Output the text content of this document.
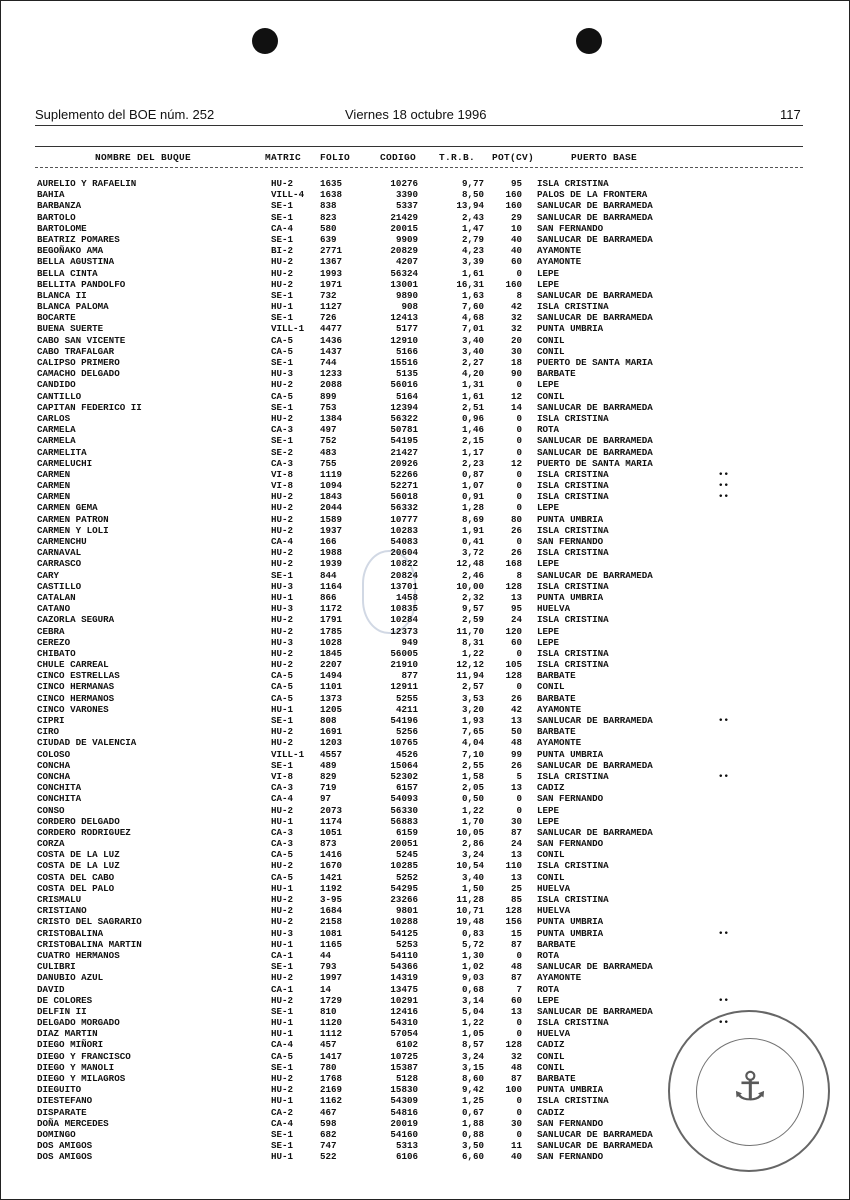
Suplemento del BOE núm. 252	Viernes 18 octubre 1996	117
NOMBRE DEL BUQUE	MATRIC FOLIO	CODIGO T.R.B. POT(CV)	PUERTO BASE
AURELIO Y RAFAELIN	HU-2	1635	10276	9,77	95 ISLA CRISTINA
BAHIA	VILL-4 1638	3390	8,50	160 PALOS DE LA FRONTERA
BARBANZA	SE-1	838	5337	13,94	160 SANLUCAR DE BARRAMEDA
BARTOLO	SE-1	823	21429	2,43	29 SANLUCAR DE BARRAMEDA
BARTOLOME	CA-4	580	20015	1,47	10 SAN FERNANDO
BEATRIZ POMARES	SE-1	639	9909	2,79	40 SANLUCAR DE BARRAMEDA
BEGOÑAKO AMA	BI-2	2771	20829	4,23	40 AYAMONTE
BELLA AGUSTINA	HU-2	1367	4207	3,39	60 AYAMONTE
BELLA CINTA	HU-2	1993	56324	1,61	0 LEPE
BELLITA PANDOLFO	HU-2	1971	13001	16,31	160 LEPE
BLANCA II	SE-1	732	9890	1,63	8 SANLUCAR DE BARRAMEDA
BLANCA PALOMA	HU-1	1127	908	7,60	42 ISLA CRISTINA
BOCARTE	SE-1	726	12413	4,68	32 SANLUCAR DE BARRAMEDA
BUENA SUERTE	VILL-1 4477	5177	7,01	32 PUNTA UMBRIA
CABO SAN VICENTE	CA-5	1436	12910	3,40	20 CONIL
CABO TRAFALGAR	CA-5	1437	5166	3,40	30 CONIL
CALIPSO PRIMERO	SE-1	744	15516	2,27	18 PUERTO DE SANTA MARIA
CAMACHO DELGADO	HU-3	1233	5135	4,20	90 BARBATE
CANDIDO	HU-2	2088	56016	1,31	0 LEPE
CANTILLO	CA-5	899	5164	1,61	12 CONIL
CAPITAN FEDERICO II	SE-1	753	12394	2,51	14 SANLUCAR DE BARRAMEDA
CARLOS	HU-2	1384	56322	0,96	0 ISLA CRISTINA
CARMELA	CA-3	497	50781	1,46	0 ROTA
CARMELA	SE-1	752	54195	2,15	0 SANLUCAR DE BARRAMEDA
CARMELITA	SE-2	483	21427	1,17	0 SANLUCAR DE BARRAMEDA
CARMELUCHI	CA-3	755	20926	2,23	12 PUERTO DE SANTA MARIA
CARMEN	VI-8	1119	52266	0,87	0 ISLA CRISTINA	••
CARMEN	VI-8	1094	52271	1,07	0 ISLA CRISTINA	••
CARMEN	HU-2	1843	56018	0,91	0 ISLA CRISTINA	••
CARMEN GEMA	HU-2	2044	56332	1,28	0 LEPE
CARMEN PATRON	HU-2	1589	10777	8,69	80 PUNTA UMBRIA
CARMEN Y LOLI	HU-2	1937	10283	1,91	26 ISLA CRISTINA
CARMENCHU	CA-4	166	54083	0,41	0 SAN FERNANDO
CARNAVAL	HU-2	1988	20604	3,72	26 ISLA CRISTINA
CARRASCO	HU-2	1939	10822	12,48	168 LEPE
CARY	SE-1	844	20824	2,46	8 SANLUCAR DE BARRAMEDA
CASTILLO	HU-3	1164	13701	10,00	128 ISLA CRISTINA
CATALAN	HU-1	866	1458	2,32	13 PUNTA UMBRIA
CATANO	HU-3	1172	10835	9,57	95 HUELVA
CAZORLA SEGURA	HU-2	1791	10284	2,59	24 ISLA CRISTINA
CEBRA	HU-2	1785	12373	11,70	120 LEPE
CEREZO	HU-3	1028	949	8,31	60 LEPE
CHIBATO	HU-2	1845	56005	1,22	0 ISLA CRISTINA
CHULE CARREAL	HU-2	2207	21910	12,12	105 ISLA CRISTINA
CINCO ESTRELLAS	CA-5	1494	877	11,94	128 BARBATE
CINCO HERMANAS	CA-5	1101	12911	2,57	0 CONIL
CINCO HERMANOS	CA-5	1373	5255	3,53	26 BARBATE
CINCO VARONES	HU-1	1205	4211	3,20	42 AYAMONTE
CIPRI	SE-1	808	54196	1,93	13 SANLUCAR DE BARRAMEDA	••
CIRO	HU-2	1691	5256	7,65	50 BARBATE
CIUDAD DE VALENCIA	HU-2	1203	10765	4,04	48 AYAMONTE
COLOSO	VILL-1 4557	4526	7,10	99 PUNTA UMBRIA
CONCHA	SE-1	489	15064	2,55	26 SANLUCAR DE BARRAMEDA
CONCHA	VI-8	829	52302	1,58	5 ISLA CRISTINA	••
CONCHITA	CA-3	719	6157	2,05	13 CADIZ
CONCHITA	CA-4	97	54093	0,50	0 SAN FERNANDO
CONSO	HU-2	2073	56330	1,22	0 LEPE
CORDERO DELGADO	HU-1	1174	56883	1,70	30 LEPE
CORDERO RODRIGUEZ	CA-3	1051	6159	10,05	87 SANLUCAR DE BARRAMEDA
CORZA	CA-3	873	20051	2,86	24 SAN FERNANDO
COSTA DE LA LUZ	CA-5	1416	5245	3,24	13 CONIL
COSTA DE LA LUZ	HU-2	1670	10285	10,54	110 ISLA CRISTINA
COSTA DEL CABO	CA-5	1421	5252	3,40	13 CONIL
COSTA DEL PALO	HU-1	1192	54295	1,50	25 HUELVA
CRISMALU	HU-2	3-95	23266	11,28	85 ISLA CRISTINA
CRISTIANO	HU-2	1684	9801	10,71	128 HUELVA
CRISTO DEL SAGRARIO	HU-2	2158	10288	19,48	156 PUNTA UMBRIA
CRISTOBALINA	HU-3	1081	54125	0,83	15 PUNTA UMBRIA	••
CRISTOBALINA MARTIN	HU-1	1165	5253	5,72	87 BARBATE
CUATRO HERMANOS	CA-1	44	54110	1,30	0 ROTA
CULIBRI	SE-1	793	54366	1,02	48 SANLUCAR DE BARRAMEDA
DANUBIO AZUL	HU-2	1997	14319	9,03	87 AYAMONTE
DAVID	CA-1	14	13475	0,68	7 ROTA
DE COLORES	HU-2	1729	10291	3,14	60 LEPE	••
DELFIN II	SE-1	810	12416	5,04	13 SANLUCAR DE BARRAMEDA
DELGADO MORGADO	HU-1	1120	54310	1,22	0 ISLA CRISTINA	••
DIAZ MARTIN	HU-1	1112	57054	1,05	0 HUELVA
DIEGO MIÑORI	CA-4	457	6102	8,57	128 CADIZ
DIEGO Y FRANCISCO	CA-5	1417	10725	3,24	32 CONIL
DIEGO Y MANOLI	SE-1	780	15387	3,15	48 CONIL
DIEGO Y MILAGROS	HU-2	1768	5128	8,60	87 BARBATE
DIEGUITO	HU-2	2169	15830	9,42	100 PUNTA UMBRIA
DIESTEFANO	HU-1	1162	54309	1,25	0 ISLA CRISTINA
DISPARATE	CA-2	467	54816	0,67	0 CADIZ
DOÑA MERCEDES	CA-4	598	20019	1,88	30 SAN FERNANDO
DOMINGO	SE-1	682	54160	0,88	0 SANLUCAR DE BARRAMEDA
DOS AMIGOS	SE-1	747	5313	3,50	11 SANLUCAR DE BARRAMEDA
DOS AMIGOS	HU-1	522	6106	6,60	40 SAN FERNANDO
⚓
